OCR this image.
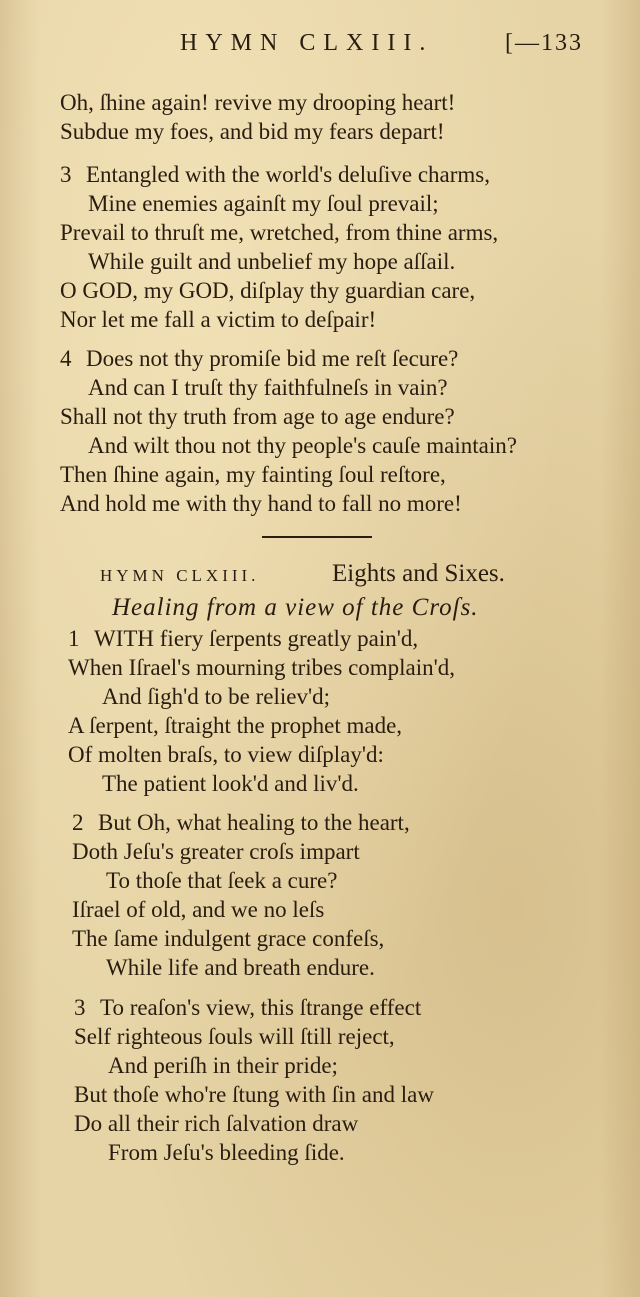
HYMN CLXIII.	[—133
Oh, ſhine again! revive my drooping heart!
Subdue my foes, and bid my fears depart!
3 Entangled with the world's deluſive charms,
Mine enemies againſt my ſoul prevail;
Prevail to thruſt me, wretched, from thine arms,
While guilt and unbelief my hope aſſail.
O GOD, my GOD, diſplay thy guardian care,
Nor let me fall a victim to deſpair!
4 Does not thy promiſe bid me reſt ſecure?
And can I truſt thy faithfulneſs in vain?
Shall not thy truth from age to age endure?
And wilt thou not thy people's cauſe maintain?
Then ſhine again, my fainting ſoul reſtore,
And hold me with thy hand to fall no more!
HYMN CLXIII.	Eights and Sixes.
Healing from a view of the Croſs.
1 WITH fiery ſerpents greatly pain'd,
When Iſrael's mourning tribes complain'd,
And ſigh'd to be reliev'd;
A ſerpent, ſtraight the prophet made,
Of molten braſs, to view diſplay'd:
The patient look'd and liv'd.
2 But Oh, what healing to the heart,
Doth Jeſu's greater croſs impart
To thoſe that ſeek a cure?
Iſrael of old, and we no leſs
The ſame indulgent grace confeſs,
While life and breath endure.
3 To reaſon's view, this ſtrange effect
Self righteous ſouls will ſtill reject,
And periſh in their pride;
But thoſe who're ſtung with ſin and law
Do all their rich ſalvation draw
From Jeſu's bleeding ſide.
